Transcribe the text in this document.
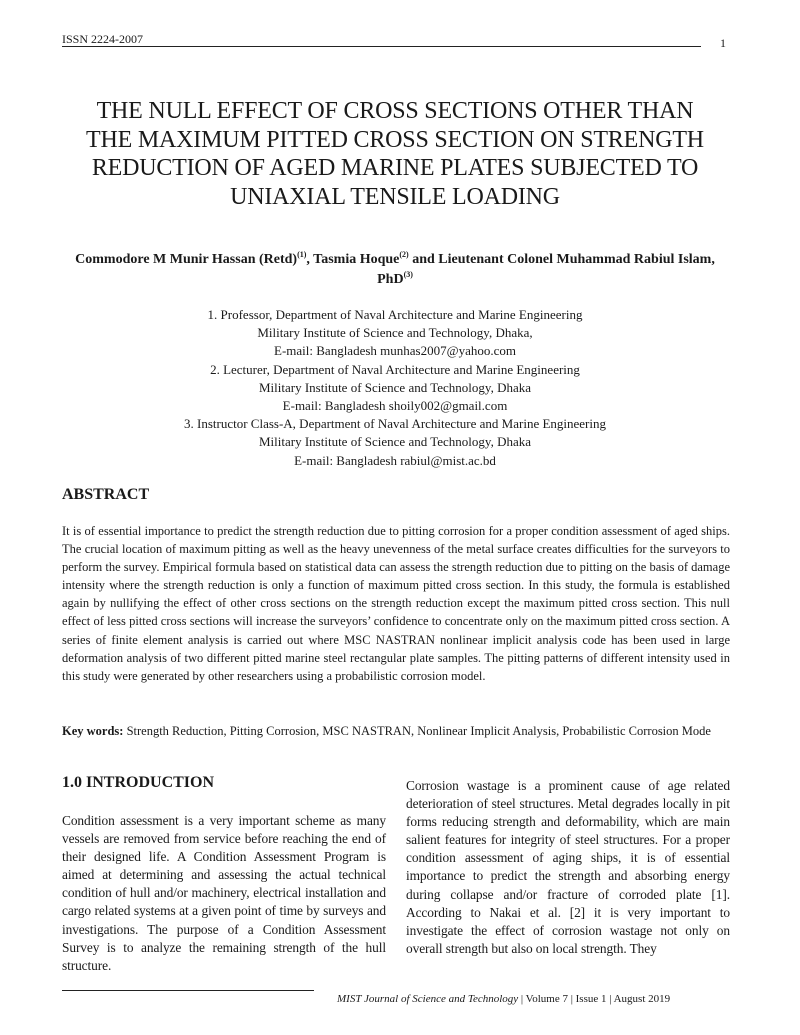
ISSN 2224-2007	1
THE NULL EFFECT OF CROSS SECTIONS OTHER THAN
THE MAXIMUM PITTED CROSS SECTION ON STRENGTH
REDUCTION OF AGED MARINE PLATES SUBJECTED TO
UNIAXIAL TENSILE LOADING
Commodore M Munir Hassan (Retd)$^{(1)}$, Tasmia Hoque$^{(2)}$ and Lieutenant Colonel Muhammad Rabiul Islam, PhD$^{(3)}$
1. Professor, Department of Naval Architecture and Marine Engineering
Military Institute of Science and Technology, Dhaka,
E-mail: Bangladesh munhas2007@yahoo.com
2. Lecturer, Department of Naval Architecture and Marine Engineering
Military Institute of Science and Technology, Dhaka
E-mail: Bangladesh shoily002@gmail.com
3. Instructor Class-A, Department of Naval Architecture and Marine Engineering
Military Institute of Science and Technology, Dhaka
E-mail: Bangladesh rabiul@mist.ac.bd
ABSTRACT
It is of essential importance to predict the strength reduction due to pitting corrosion for a proper condition assessment of aged ships. The crucial location of maximum pitting as well as the heavy unevenness of the metal surface creates difficulties for the surveyors to perform the survey. Empirical formula based on statistical data can assess the strength reduction due to pitting on the basis of damage intensity where the strength reduction is only a function of maximum pitted cross section. In this study, the formula is established again by nullifying the effect of other cross sections on the strength reduction except the maximum pitted cross section. This null effect of less pitted cross sections will increase the surveyors’ confidence to concentrate only on the maximum pitted cross section. A series of finite element analysis is carried out where MSC NASTRAN nonlinear implicit analysis code has been used in large deformation analysis of two different pitted marine steel rectangular plate samples. The pitting patterns of different intensity used in this study were generated by other researchers using a probabilistic corrosion model.
Key words: Strength Reduction, Pitting Corrosion, MSC NASTRAN, Nonlinear Implicit Analysis, Probabilistic Corrosion Mode
1.0 INTRODUCTION
Condition assessment is a very important scheme as many vessels are removed from service before reaching the end of their designed life. A Condition Assessment Program is aimed at determining and assessing the actual technical condition of hull and/or machinery, electrical installation and cargo related systems at a given point of time by surveys and investigations. The purpose of a Condition Assessment Survey is to analyze the remaining strength of the hull structure.
Corrosion wastage is a prominent cause of age related deterioration of steel structures. Metal degrades locally in pit forms reducing strength and deformability, which are main salient features for integrity of steel structures. For a proper condition assessment of aging ships, it is of essential importance to predict the strength and absorbing energy during collapse and/or fracture of corroded plate [1]. According to Nakai et al. [2] it is very important to investigate the effect of corrosion wastage not only on overall strength but also on local strength. They
MIST Journal of Science and Technology | Volume 7 | Issue 1 | August 2019
